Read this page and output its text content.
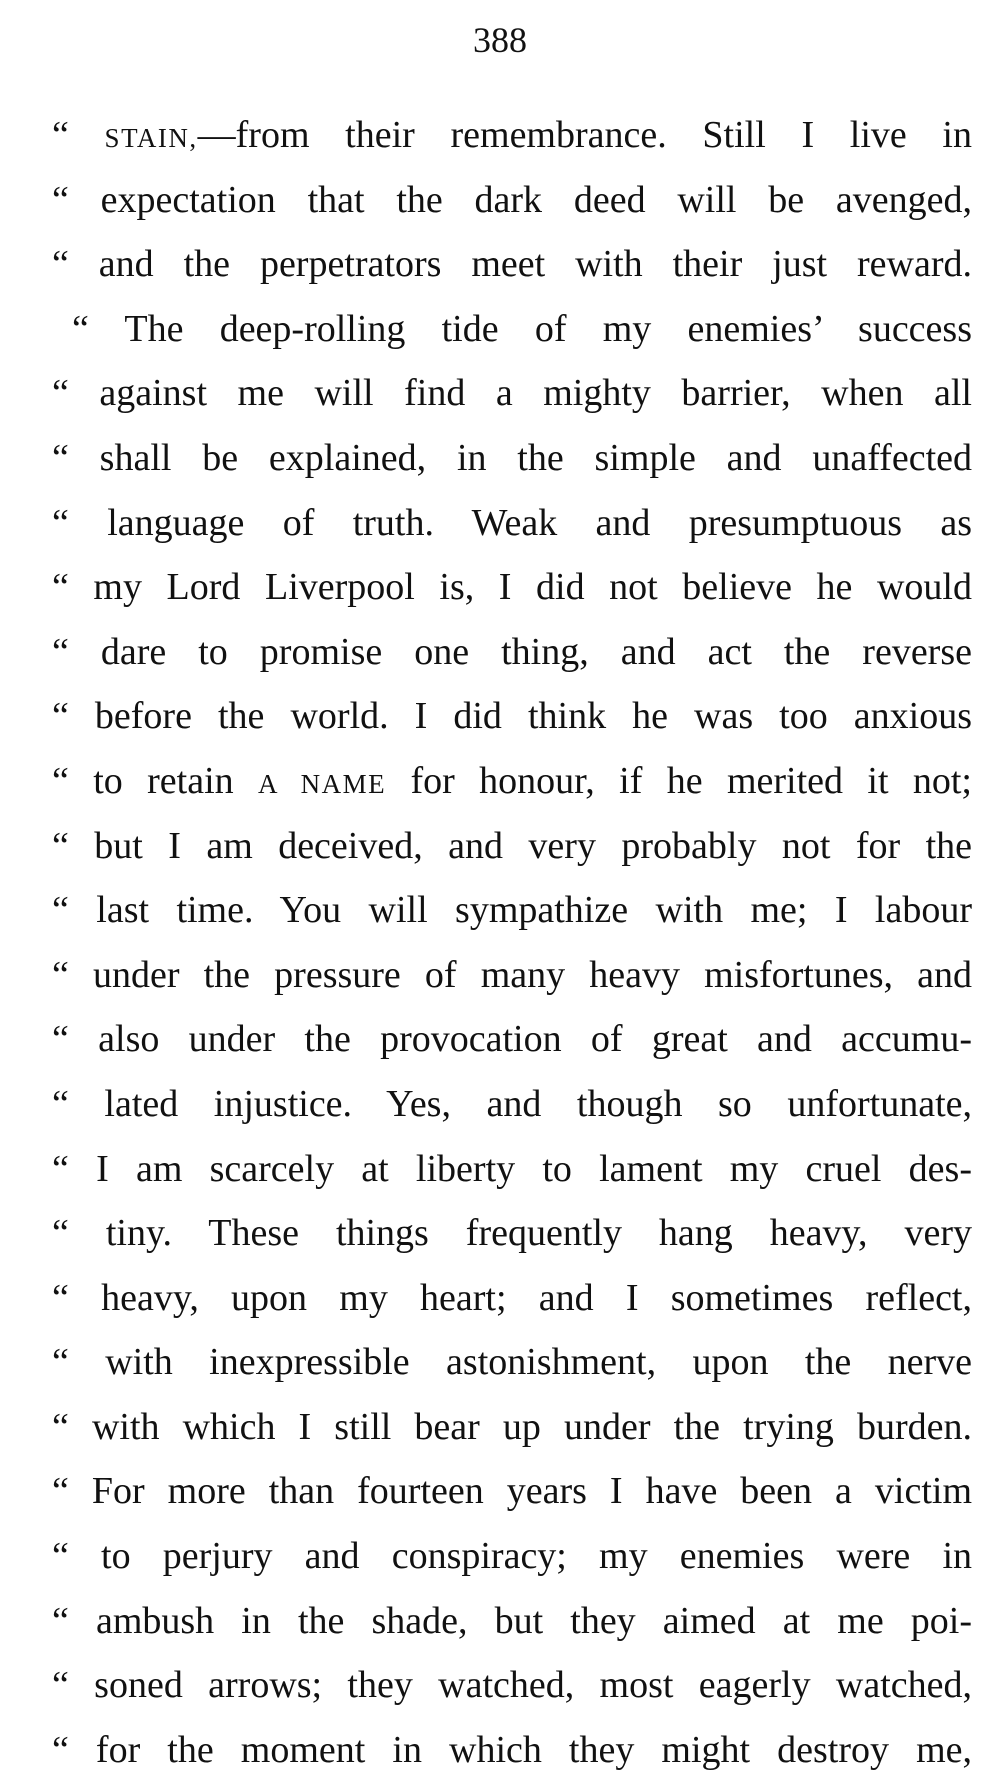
388
“ STAIN,—from their remembrance. Still I live in
“ expectation that the dark deed will be avenged,
“ and the perpetrators meet with their just reward.
“ The deep-rolling tide of my enemies’ success
“ against me will find a mighty barrier, when all
“ shall be explained, in the simple and unaffected
“ language of truth. Weak and presumptuous as
“ my Lord Liverpool is, I did not believe he would
“ dare to promise one thing, and act the reverse
“ before the world. I did think he was too anxious
“ to retain A NAME for honour, if he merited it not;
“ but I am deceived, and very probably not for the
“ last time. You will sympathize with me; I labour
“ under the pressure of many heavy misfortunes, and
“ also under the provocation of great and accumu-
“ lated injustice. Yes, and though so unfortunate,
“ I am scarcely at liberty to lament my cruel des-
“ tiny. These things frequently hang heavy, very
“ heavy, upon my heart; and I sometimes reflect,
“ with inexpressible astonishment, upon the nerve
“ with which I still bear up under the trying burden.
“ For more than fourteen years I have been a victim
“ to perjury and conspiracy; my enemies were in
“ ambush in the shade, but they aimed at me poi-
“ soned arrows; they watched, most eagerly watched,
“ for the moment in which they might destroy me,
